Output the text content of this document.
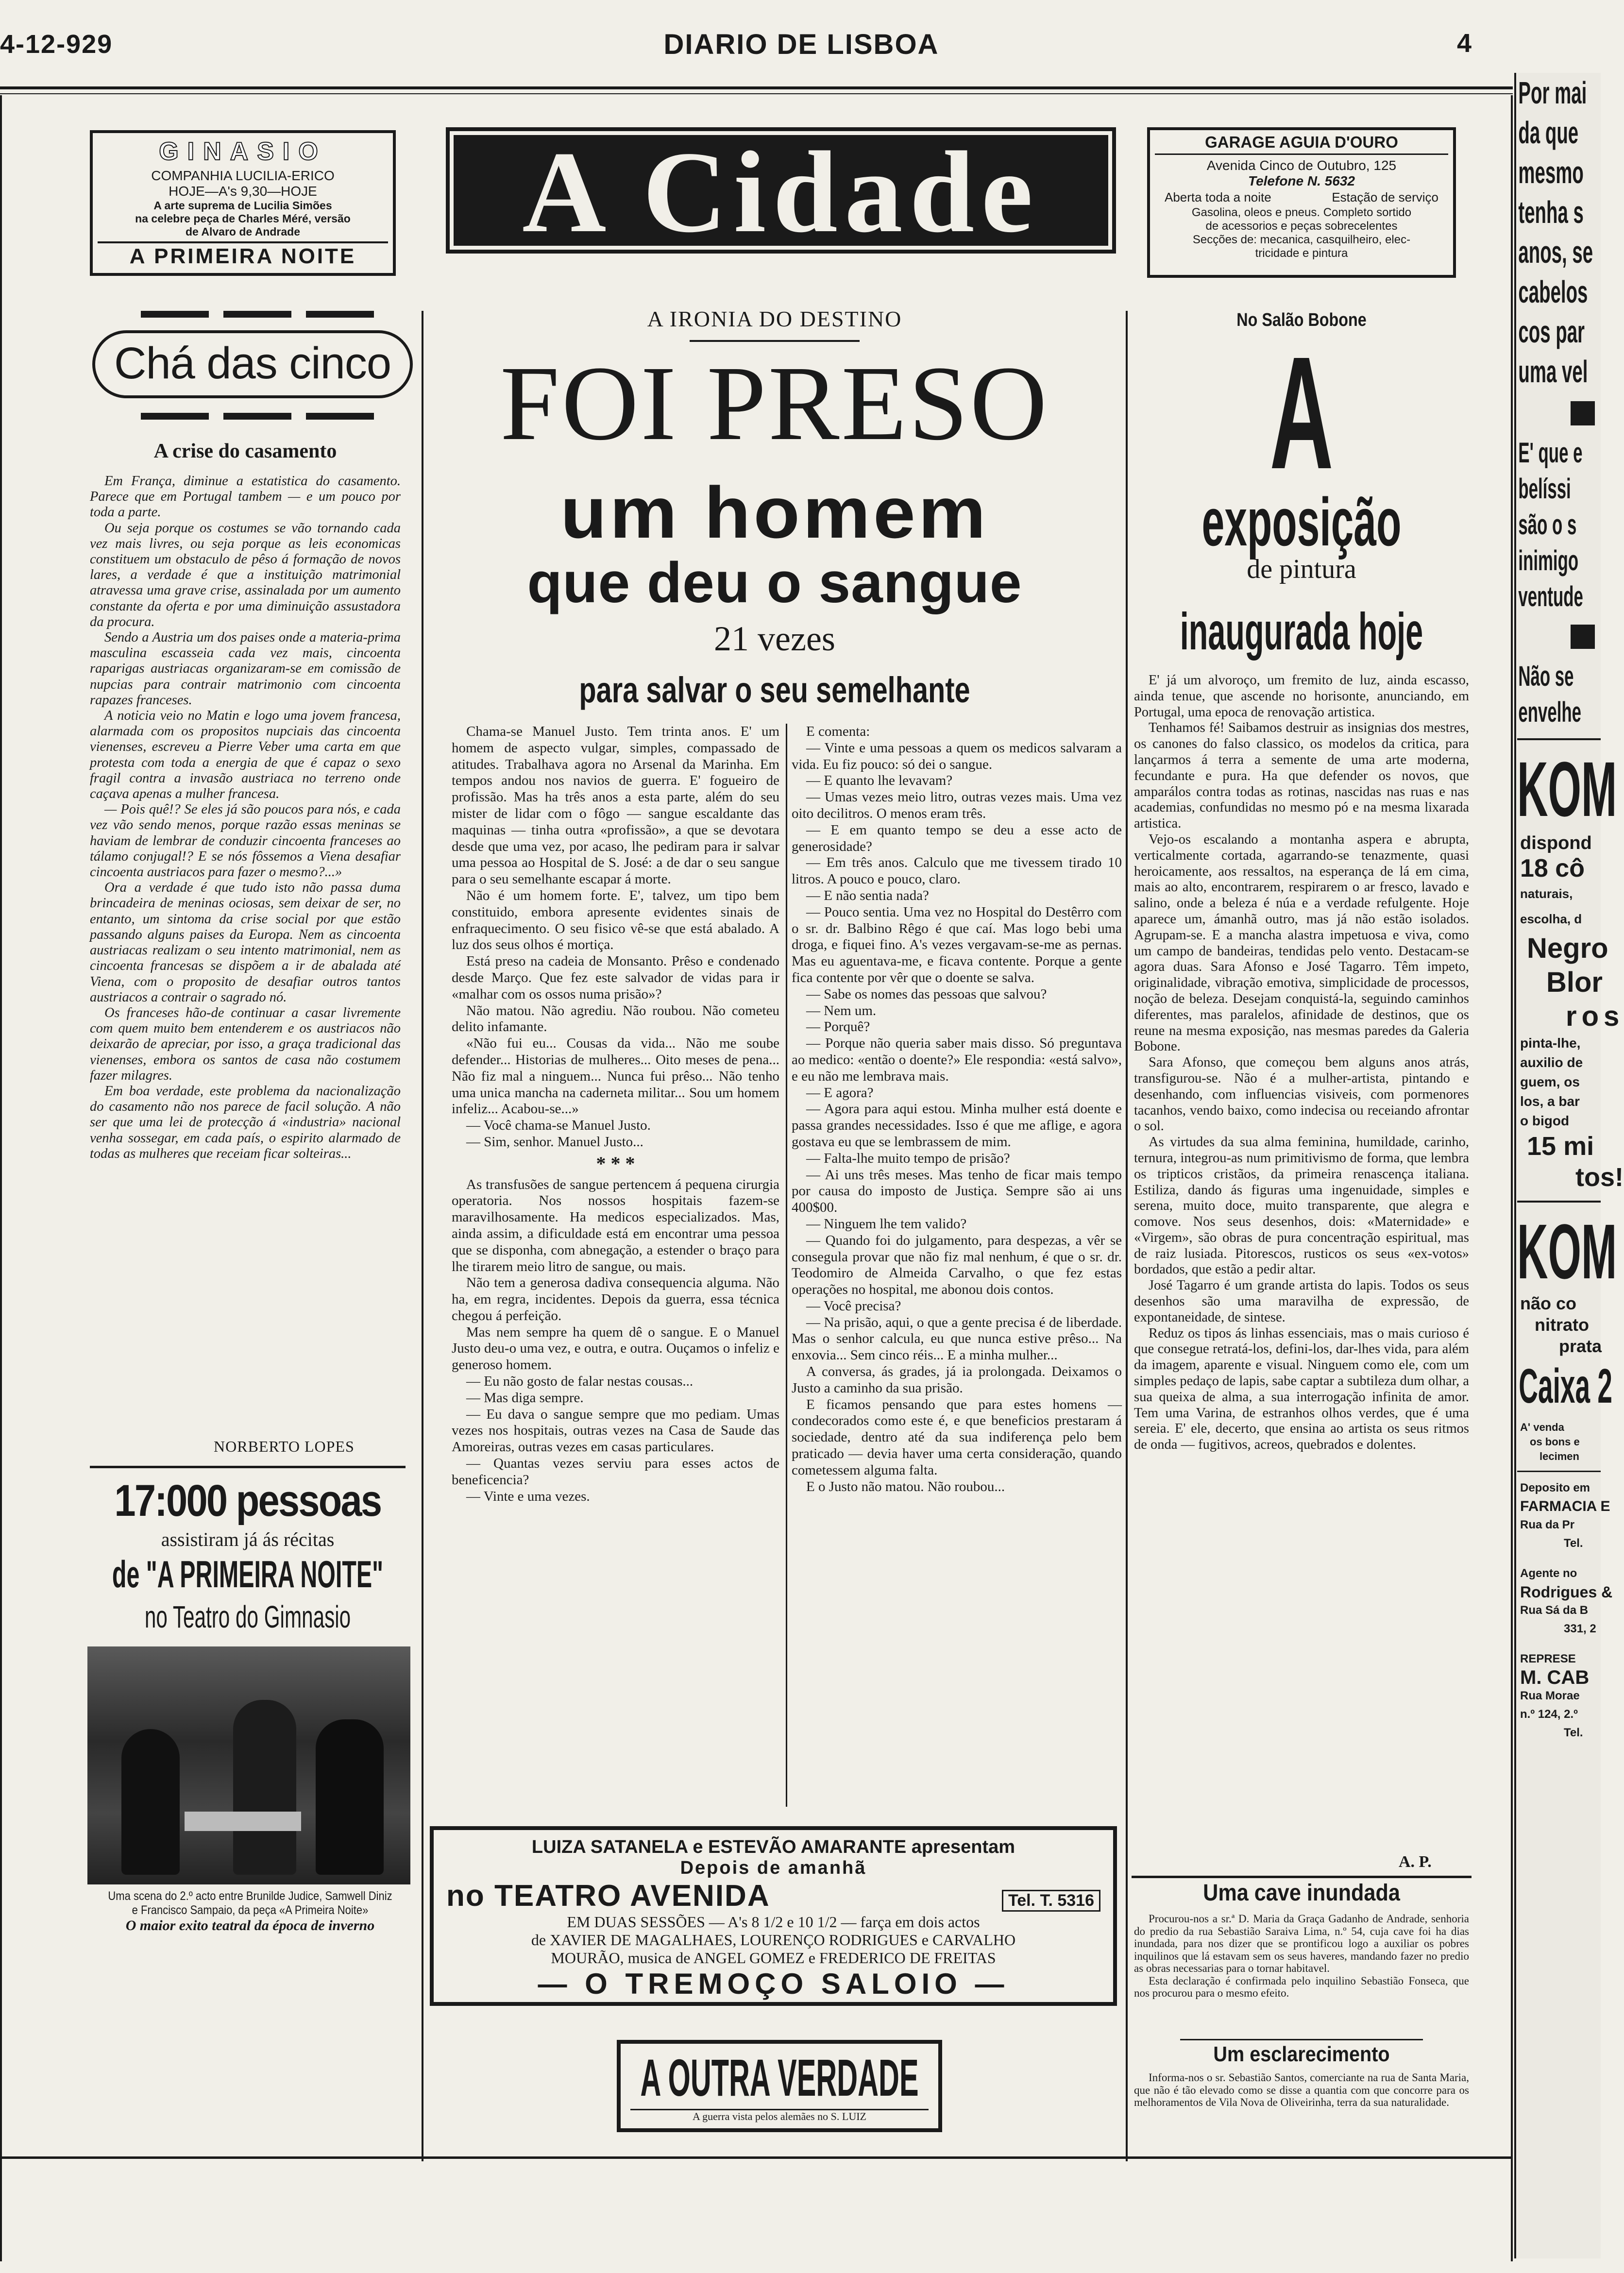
4-12-929	DIARIO DE LISBOA	4
GINASIO
COMPANHIA LUCILIA-ERICO
HOJE—A's 9,30—HOJE
A arte suprema de Lucilia Simões
na celebre peça de Charles Méré, versão
de Alvaro de Andrade
A PRIMEIRA NOITE	A Cidade	GARAGE AGUIA D'OURO
Avenida Cinco de Outubro, 125
Telefone N. 5632
Aberta toda a noite	Estação de serviço
Gasolina, oleos e pneus. Completo sortido
de acessorios e peças sobrecelentes
Secções de: mecanica, casquilheiro, elec-
tricidade e pintura
Chá das cinco
A crise do casamento

Em França, diminue a estatistica do casamento. Parece que em Portugal tambem — e um pouco por toda a parte.

Ou seja porque os costumes se vão tornando cada vez mais livres, ou seja porque as leis economicas constituem um obstaculo de pêso á formação de novos lares, a verdade é que a instituição matrimonial atravessa uma grave crise, assinalada por um aumento constante da oferta e por uma diminuição assustadora da procura.

Sendo a Austria um dos paises onde a materia-prima masculina escasseia cada vez mais, cincoenta raparigas austriacas organizaram-se em comissão de nupcias para contrair matrimonio com cincoenta rapazes franceses.

A noticia veio no Matin e logo uma jovem francesa, alarmada com os propositos nupciais das cincoenta vienenses, escreveu a Pierre Veber uma carta em que protesta com toda a energia de que é capaz o sexo fragil contra a invasão austriaca no terreno onde caçava apenas a mulher francesa.

— Pois quê!? Se eles já são poucos para nós, e cada vez vão sendo menos, porque razão essas meninas se haviam de lembrar de conduzir cincoenta franceses ao tálamo conjugal!? E se nós fôssemos a Viena desafiar cincoenta austriacos para fazer o mesmo?...»

Ora a verdade é que tudo isto não passa duma brincadeira de meninas ociosas, sem deixar de ser, no entanto, um sintoma da crise social por que estão passando alguns paises da Europa. Nem as cincoenta austriacas realizam o seu intento matrimonial, nem as cincoenta francesas se dispõem a ir de abalada até Viena, com o proposito de desafiar outros tantos austriacos a contrair o sagrado nó.

Os franceses hão-de continuar a casar livremente com quem muito bem entenderem e os austriacos não deixarão de apreciar, por isso, a graça tradicional das vienenses, embora os santos de casa não costumem fazer milagres.

Em boa verdade, este problema da nacionalização do casamento não nos parece de facil solução. A não ser que uma lei de protecção á «industria» nacional venha sossegar, em cada país, o espirito alarmado de todas as mulheres que receiam ficar solteiras...

NORBERTO LOPES
17:000 pessoas
assistiram já ás récitas
de "A PRIMEIRA NOITE"
no Teatro do Gimnasio
Uma scena do 2.º acto entre Brunilde Judice, Samwell Diniz
e Francisco Sampaio, da peça «A Primeira Noite»
O maior exito teatral da época de inverno
A IRONIA DO DESTINO
FOI PRESO
um homem
que deu o sangue
21 vezes
para salvar o seu semelhante

Chama-se Manuel Justo. Tem trinta anos. E' um homem de aspecto vulgar, simples, compassado de atitudes. Trabalhava agora no Arsenal da Marinha. Em tempos andou nos navios de guerra. E' fogueiro de profissão. Mas ha três anos a esta parte, além do seu mister de lidar com o fôgo — sangue escaldante das maquinas — tinha outra «profissão», a que se devotara desde que uma vez, por acaso, lhe pediram para ir salvar uma pessoa ao Hospital de S. José: a de dar o seu sangue para o seu semelhante escapar á morte.

Não é um homem forte. E', talvez, um tipo bem constituido, embora apresente evidentes sinais de enfraquecimento. O seu fisico vê-se que está abalado. A luz dos seus olhos é mortiça.

Está preso na cadeia de Monsanto. Prêso e condenado desde Março. Que fez este salvador de vidas para ir «malhar com os ossos numa prisão»?

Não matou. Não agrediu. Não roubou. Não cometeu delito infamante.

«Não fui eu... Cousas da vida... Não me soube defender... Historias de mulheres... Oito meses de pena... Não fiz mal a ninguem... Nunca fui prêso... Não tenho uma unica mancha na caderneta militar... Sou um homem infeliz... Acabou-se...»

— Você chama-se Manuel Justo.

— Sim, senhor. Manuel Justo...

* * *

As transfusões de sangue pertencem á pequena cirurgia operatoria. Nos nossos hospitais fazem-se maravilhosamente. Ha medicos especializados. Mas, ainda assim, a dificuldade está em encontrar uma pessoa que se disponha, com abnegação, a estender o braço para lhe tirarem meio litro de sangue, ou mais.

Não tem a generosa dadiva consequencia alguma. Não ha, em regra, incidentes. Depois da guerra, essa técnica chegou á perfeição.

Mas nem sempre ha quem dê o sangue. E o Manuel Justo deu-o uma vez, e outra, e outra. Ouçamos o infeliz e generoso homem.

— Eu não gosto de falar nestas cousas...

— Mas diga sempre.

— Eu dava o sangue sempre que mo pediam. Umas vezes nos hospitais, outras vezes na Casa de Saude das Amoreiras, outras vezes em casas particulares.

— Quantas vezes serviu para esses actos de beneficencia?

— Vinte e uma vezes.

E comenta:

— Vinte e uma pessoas a quem os medicos salvaram a vida. Eu fiz pouco: só dei o sangue.

— E quanto lhe levavam?

— Umas vezes meio litro, outras vezes mais. Uma vez oito decilitros. O menos eram três.

— E em quanto tempo se deu a esse acto de generosidade?

— Em três anos. Calculo que me tivessem tirado 10 litros. A pouco e pouco, claro.

— E não sentia nada?

— Pouco sentia. Uma vez no Hospital do Destêrro com o sr. dr. Balbino Rêgo é que caí. Mas logo bebi uma droga, e fiquei fino. A's vezes vergavam-se-me as pernas. Mas eu aguentava-me, e ficava contente. Porque a gente fica contente por vêr que o doente se salva.

— Sabe os nomes das pessoas que salvou?

— Nem um.

— Porquê?

— Porque não queria saber mais disso. Só preguntava ao medico: «então o doente?» Ele respondia: «está salvo», e eu não me lembrava mais.

— E agora?

— Agora para aqui estou. Minha mulher está doente e passa grandes necessidades. Isso é que me aflige, e agora gostava eu que se lembrassem de mim.

— Falta-lhe muito tempo de prisão?

— Ai uns três meses. Mas tenho de ficar mais tempo por causa do imposto de Justiça. Sempre são ai uns 400$00.

— Ninguem lhe tem valido?

— Quando foi do julgamento, para despezas, a vêr se consegula provar que não fiz mal nenhum, é que o sr. dr. Teodomiro de Almeida Carvalho, o que fez estas operações no hospital, me abonou dois contos.

— Você precisa?

— Na prisão, aqui, o que a gente precisa é de liberdade. Mas o senhor calcula, eu que nunca estive prêso... Na enxovia... Sem cinco réis... E a minha mulher...

A conversa, ás grades, já ia prolongada. Deixamos o Justo a caminho da sua prisão.

E ficamos pensando que para estes homens — condecorados como este é, e que beneficios prestaram á sociedade, dentro até da sua indiferença pelo bem praticado — devia haver uma certa consideração, quando cometessem alguma falta.

E o Justo não matou. Não roubou...

LUIZA SATANELA e ESTEVÃO AMARANTE apresentam
Depois de amanhã
no TEATRO AVENIDA	Tel. T. 5316
EM DUAS SESSÕES — A's 8 1/2 e 10 1/2 — farça em dois actos
de XAVIER DE MAGALHAES, LOURENÇO RODRIGUES e CARVALHO
MOURÃO, musica de ANGEL GOMEZ e FREDERICO DE FREITAS
— O TREMOÇO SALOIO —
A OUTRA VERDADE
A guerra vista pelos alemães no S. LUIZ
No Salão Bobone
A
exposição
de pintura
inaugurada hoje

E' já um alvoroço, um fremito de luz, ainda escasso, ainda tenue, que ascende no horisonte, anunciando, em Portugal, uma epoca de renovação artistica.

Tenhamos fé! Saibamos destruir as insignias dos mestres, os canones do falso classico, os modelos da critica, para lançarmos á terra a semente de uma arte moderna, fecundante e pura. Ha que defender os novos, que amparálos contra todas as rotinas, nascidas nas ruas e nas academias, confundidas no mesmo pó e na mesma lixarada artistica.

Vejo-os escalando a montanha aspera e abrupta, verticalmente cortada, agarrando-se tenazmente, quasi heroicamente, aos ressaltos, na esperança de lá em cima, mais ao alto, encontrarem, respirarem o ar fresco, lavado e salino, onde a beleza é núa e a verdade refulgente. Hoje aparece um, ámanhã outro, mas já não estão isolados. Agrupam-se. E a mancha alastra impetuosa e viva, como um campo de bandeiras, tendidas pelo vento. Destacam-se agora duas. Sara Afonso e José Tagarro. Têm impeto, originalidade, vibração emotiva, simplicidade de processos, noção de beleza. Desejam conquistá-la, seguindo caminhos diferentes, mas paralelos, afinidade de destinos, que os reune na mesma exposição, nas mesmas paredes da Galeria Bobone.

Sara Afonso, que começou bem alguns anos atrás, transfigurou-se. Não é a mulher-artista, pintando e desenhando, com influencias visiveis, com pormenores tacanhos, vendo baixo, como indecisa ou receiando afrontar o sol.

As virtudes da sua alma feminina, humildade, carinho, ternura, integrou-as num primitivismo de forma, que lembra os tripticos cristãos, da primeira renascença italiana. Estiliza, dando ás figuras uma ingenuidade, simples e serena, muito doce, muito transparente, que alegra e comove. Nos seus desenhos, dois: «Maternidade» e «Virgem», são obras de pura concentração espiritual, mas de raiz lusiada. Pitorescos, rusticos os seus «ex-votos» bordados, que estão a pedir altar.

José Tagarro é um grande artista do lapis. Todos os seus desenhos são uma maravilha de expressão, de expontaneidade, de sintese.

Reduz os tipos ás linhas essenciais, mas o mais curioso é que consegue retratá-los, defini-los, dar-lhes vida, para além da imagem, aparente e visual. Ninguem como ele, com um simples pedaço de lapis, sabe captar a subtileza dum olhar, a sua queixa de alma, a sua interrogação infinita de amor. Tem uma Varina, de estranhos olhos verdes, que é uma sereia. E' ele, decerto, que ensina ao artista os seus ritmos de onda — fugitivos, acreos, quebrados e dolentes.

A. P.
Uma cave inundada

Procurou-nos a sr.ª D. Maria da Graça Gadanho de Andrade, senhoria do predio da rua Sebastião Saraiva Lima, n.º 54, cuja cave foi ha dias inundada, para nos dizer que se prontificou logo a auxiliar os pobres inquilinos que lá estavam sem os seus haveres, mandando fazer no predio as obras necessarias para o tornar habitavel.

Esta declaração é confirmada pelo inquilino Sebastião Fonseca, que nos procurou para o mesmo efeito.

Um esclarecimento

Informa-nos o sr. Sebastião Santos, comerciante na rua de Santa Maria, que não é tão elevado como se disse a quantia com que concorre para os melhoramentos de Vila Nova de Oliveirinha, terra da sua naturalidade.

Por mai
da que
mesmo
tenha s
anos, se
cabelos
cos par
uma vel
E' que e
belíssi
são o s
inimigo
ventude
Não se
envelhe
KOM
dispond
18 cô
naturais,
escolha, d
Negro
Blor
ros
pinta-lhe,
auxilio de
guem, os
los, a bar
o bigod
15 mi
tos!
KOM
não co
nitrato
prata
Caixa 2
A' venda
os bons e
lecimen
Deposito em
FARMACIA E
Rua da Pr
Tel.
Agente no
Rodrigues &
Rua Sá da B
331, 2
REPRESE
M. CAB
Rua Morae
n.º 124, 2.º
Tel.
